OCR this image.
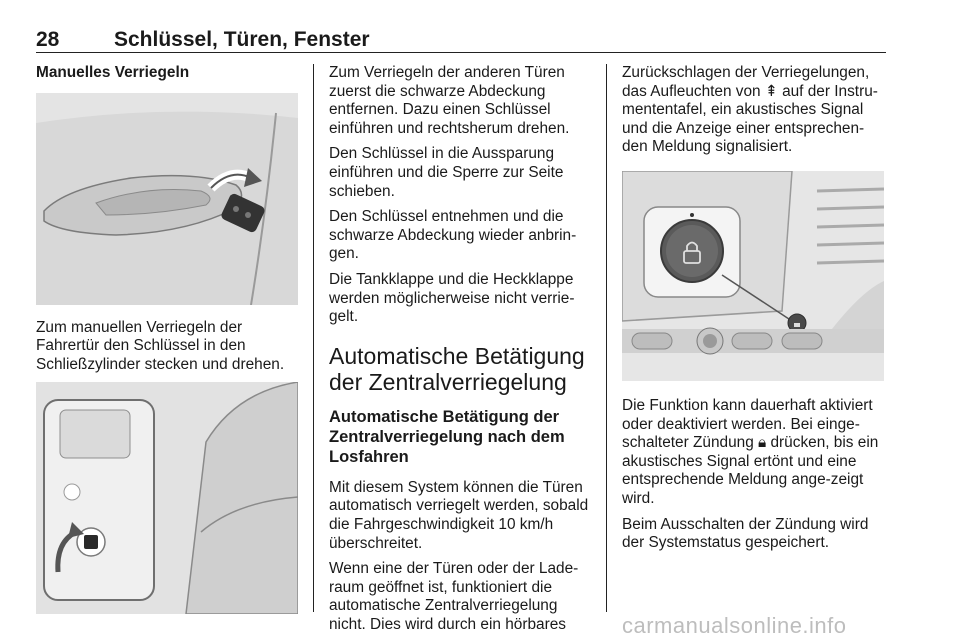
28	Schlüssel, Türen, Fenster
Manuelles Verriegeln

Zum manuellen Verriegeln der Fahrertür den Schlüssel in den Schließzylinder stecken und drehen.

Zum Verriegeln der anderen Türen zuerst die schwarze Abdeckung entfernen. Dazu einen Schlüssel einführen und rechtsherum drehen.

Den Schlüssel in die Aussparung einführen und die Sperre zur Seite schieben.

Den Schlüssel entnehmen und die schwarze Abdeckung wieder anbrin-gen.

Die Tankklappe und die Heckklappe werden möglicherweise nicht verrie-gelt.

Automatische Betätigung der Zentralverriegelung
Automatische Betätigung der Zentralverriegelung nach dem Losfahren

Mit diesem System können die Türen automatisch verriegelt werden, sobald die Fahrgeschwindigkeit 10 km/h überschreitet.

Wenn eine der Türen oder der Lade-raum geöffnet ist, funktioniert die automatische Zentralverriegelung nicht. Dies wird durch ein hörbares

Zurückschlagen der Verriegelungen, das Aufleuchten von ⇞ auf der Instru-mententafel, ein akustisches Signal und die Anzeige einer entsprechen-den Meldung signalisiert.

Die Funktion kann dauerhaft aktiviert oder deaktiviert werden. Bei einge-schalteter Zündung 🔒︎ drücken, bis ein akustisches Signal ertönt und eine entsprechende Meldung ange-zeigt wird.

Beim Ausschalten der Zündung wird der Systemstatus gespeichert.

carmanualsonline.info
